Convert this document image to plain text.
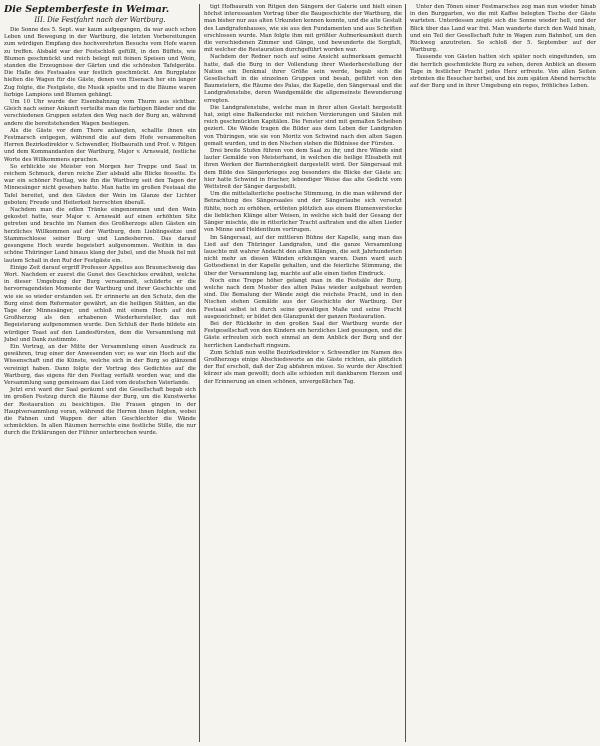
Die Septemberfeste in Weimar.
III. Die Festfahrt nach der Wartburg.

Die Sonne des 5. Sept. war kaum aufgegangen, da war auch schon Leben und Bewegung in der Wartburg, die letzten Vorbereitungen zum würdigen Empfang des hochverehrten Besuchs vom Hofe waren zu treffen. Alsbald war der Festschloß gefüllt, in den Büffets, wie Blumen geschmückt und reich belegt mit feinen Speisen und Wein, standen die Erzeugnisse der Gärten und die schönsten Tafelgeräte. Die Halle des Festsaales war festlich geschmückt. Am Burgplatze hielten die Wagen für die Gäste, denen von Eisenach her ein langer Zug folgte, die Festgäste, die Musik spielte und in die Bäume waren farbige Lampions und Blumen gehängt.

Um 10 Uhr wurde der Eisenbahnzug vom Thurm aus sichtbar. Gleich nach seiner Ankunft verteilte man die farbigen Bänder und die verschiedenen Gruppen setzten den Weg nach der Burg an, während andere die bereitstehenden Wagen bestiegen.

Als die Gäste vor dem Thore anlangten, schallte ihnen ein Festmarsch entgegen, während die auf dem Hofe versammelten Herren Bezirksdirektor v. Schwendler, Hofbaurath und Prof. v. Ritgen und dem Kommandanten der Wartburg, Major v. Arnswald, festliche Worte des Willkommens sprachen.

So erblickte sie Meister von Morgen her Treppe und Saal in reichem Schmuck, deren reiche Zier alsbald alle Blicke fesselte. Es war ein schöner Festtag, wie ihn die Wartburg seit den Tagen der Minnesänger nicht gesehen hatte. Man hatte im großen Festsaal die Tafel bereitet, und den Gästen der Wein im Glanze der Lichter geboten; Freude und Heiterkeit herrschten überall.

Nachdem man die edlen Tränke eingenommen und den Wein gekostet hatte, war Major v. Arnswald auf einen erhöhten Sitz getreten und brachte im Namen des Großherzogs allen Gästen ein herzliches Willkommen auf der Wartburg, dem Lieblingssitze und Stammschlosse seiner Burg und Landesherren. Das darauf gesungene Hoch wurde begeistert aufgenommen. Weithin in das schöne Thüringer Land hinaus klang der Jubel, und die Musik fiel mit lautem Schall in den Ruf der Festgäste ein.

Einige Zeit darauf ergriff Professor Appelius aus Braunschweig das Wort. Nachdem er zuerst die Gunst des Geschickes erwähnt, welche in dieser Umgebung der Burg versammelt, schilderte er die hervorragendsten Momente der Wartburg und ihrer Geschichte und wie sie so wieder erstanden sei. Er erinnerte an den Schutz, den die Burg einst dem Reformator gewährt, an die heiligen Stätten, an die Tage der Minnesänger, und schloß mit einem Hoch auf den Großherzog als den erhabenen Wiederhersteller, das mit Begeisterung aufgenommen wurde. Den Schluß der Rede bildete ein würdiger Toast auf den Landesfürsten, dem die Versammlung mit Jubel und Dank zustimmte.

Ein Vortrag, an der Mitte der Versammlung einen Ausdruck zu gewähren, trug einer der Anwesenden vor; es war ein Hoch auf die Wissenschaft und die Künste, welche sich in der Burg so glänzend vereinigt haben. Dann folgte der Vortrag des Gedichtes auf die Wartburg, das eigens für den Festtag verfaßt worden war, und die Versammlung sang gemeinsam das Lied vom deutschen Vaterlande.

Jetzt erst ward der Saal geräumt und die Gesellschaft begab sich im großen Festzug durch die Räume der Burg, um die Kunstwerke der Restauration zu besichtigen. Die Frauen gingen in der Hauptversammlung voran, während die Herren ihnen folgten, wobei die Fahnen und Wappen der alten Geschlechter die Wände schmückten. In allen Räumen herrschte eine festliche Stille, die nur durch die Erklärungen der Führer unterbrochen wurde.

tigt Hofbaurath von Ritgen den Sängern der Galerie und hielt einen höchst interessanten Vortrag über die Baugeschichte der Wartburg, die man bisher nur aus alten Urkunden kennen konnte, und die alte Gestalt des Landgrafenhauses, wie sie aus den Fundamenten und aus Schriften erschlossen wurde. Man folgte ihm mit größter Aufmerksamkeit durch die verschiedenen Zimmer und Gänge, und bewunderte die Sorgfalt, mit welcher die Restauration durchgeführt worden war.

Nachdem der Redner noch auf seine Ansicht aufmerksam gemacht hatte, daß die Burg in der Vollendung ihrer Wiederherstellung der Nation ein Denkmal ihrer Größe sein werde, begab sich die Gesellschaft in die einzelnen Gruppen und besah, geführt von den Baumeistern, die Räume des Palas, die Kapelle, den Sängersaal und die Landgrafenstube, deren Wandgemälde die allgemeinste Bewunderung erregten.

Die Landgrafenstube, welche man in ihrer alten Gestalt hergestellt hat, zeigt eine Balkendecke mit reichen Verzierungen und Säulen mit reich geschmückten Kapitälen. Die Fenster sind mit gemalten Scheiben geziert. Die Wände tragen die Bilder aus dem Leben der Landgrafen von Thüringen, wie sie von Moritz von Schwind nach den alten Sagen gemalt wurden, und in den Nischen stehen die Bildnisse der Fürsten.

Drei breite Stufen führen von dem Saal zu ihr, und ihre Wände sind lauter Gemälde von Meisterhand, in welchen die heilige Elisabeth mit ihren Werken der Barmherzigkeit dargestellt wird. Der Sängersaal mit dem Bilde des Sängerkrieges zog besonders die Blicke der Gäste an; hier hatte Schwind in frischer, lebendiger Weise das alte Gedicht vom Wettstreit der Sänger dargestellt.

Um die mittelalterliche poetische Stimmung, in die man während der Betrachtung des Sängersaales und der Sängerlaube sich versetzt fühlte, noch zu erhöhen, ertönten plötzlich aus einem Blumenverstecke die lieblichen Klänge alter Weisen, in welche sich bald der Gesang der Sänger mischte, die in ritterlicher Tracht auftraten und die alten Lieder von Minne und Heldenthum vortrugen.

Im Sängersaal, auf der mittleren Bühne der Kapelle, sang man das Lied auf den Thüringer Landgrafen, und die ganze Versammlung lauschte mit wahrer Andacht den alten Klängen, die seit Jahrhunderten nicht mehr an diesen Wänden erklungen waren. Dann ward auch Gottesdienst in der Kapelle gehalten, und die feierliche Stimmung, die über der Versammlung lag, machte auf alle einen tiefen Eindruck.

Noch eine Treppe höher gelangt man in die Festsäle der Burg, welche nach dem Muster des alten Palas wieder aufgebaut worden sind. Die Bemalung der Wände zeigt die reichste Pracht, und in den Nischen stehen Gemälde aus der Geschichte der Wartburg. Der Festsaal selbst ist durch seine gewaltigen Maße und seine Pracht ausgezeichnet; er bildet den Glanzpunkt der ganzen Restauration.

Bei der Rückkehr in den großen Saal der Wartburg wurde der Festgesellschaft von den Kindern ein herzliches Lied gesungen, und die Gäste erfreuten sich noch einmal an dem Anblick der Burg und der herrlichen Landschaft ringsum.

Zum Schluß nun wollte Bezirksdirektor v. Schwendler im Namen des Großherzogs einige Abschiedsworte an die Gäste richten, als plötzlich der Ruf erscholl, daß der Zug abfahren müsse. So wurde der Abschied kürzer als man gewollt; doch alle schieden mit dankbarem Herzen und der Erinnerung an einen schönen, unvergeßlichen Tag.

Unter den Tönen einer Festmarsches zog man nun wieder hinab in den Burggarten, wo die mit Kaffee belegten Tische der Gäste warteten. Unterdessen zeigte sich die Sonne wieder hell, und der Blick über das Land war frei. Man wanderte durch den Wald hinab, und ein Teil der Gesellschaft fuhr in Wagen zum Bahnhof, um den Rückweg anzutreten. So schloß der 5. September auf der Wartburg.

Tausende von Gästen hatten sich später noch eingefunden, um die herrlich geschmückte Burg zu sehen, deren Anblick an diesem Tage in festlicher Pracht jedes Herz erfreute. Von allen Seiten strömten die Besucher herbei, und bis zum späten Abend herrschte auf der Burg und in ihrer Umgebung ein reges, fröhliches Leben.
